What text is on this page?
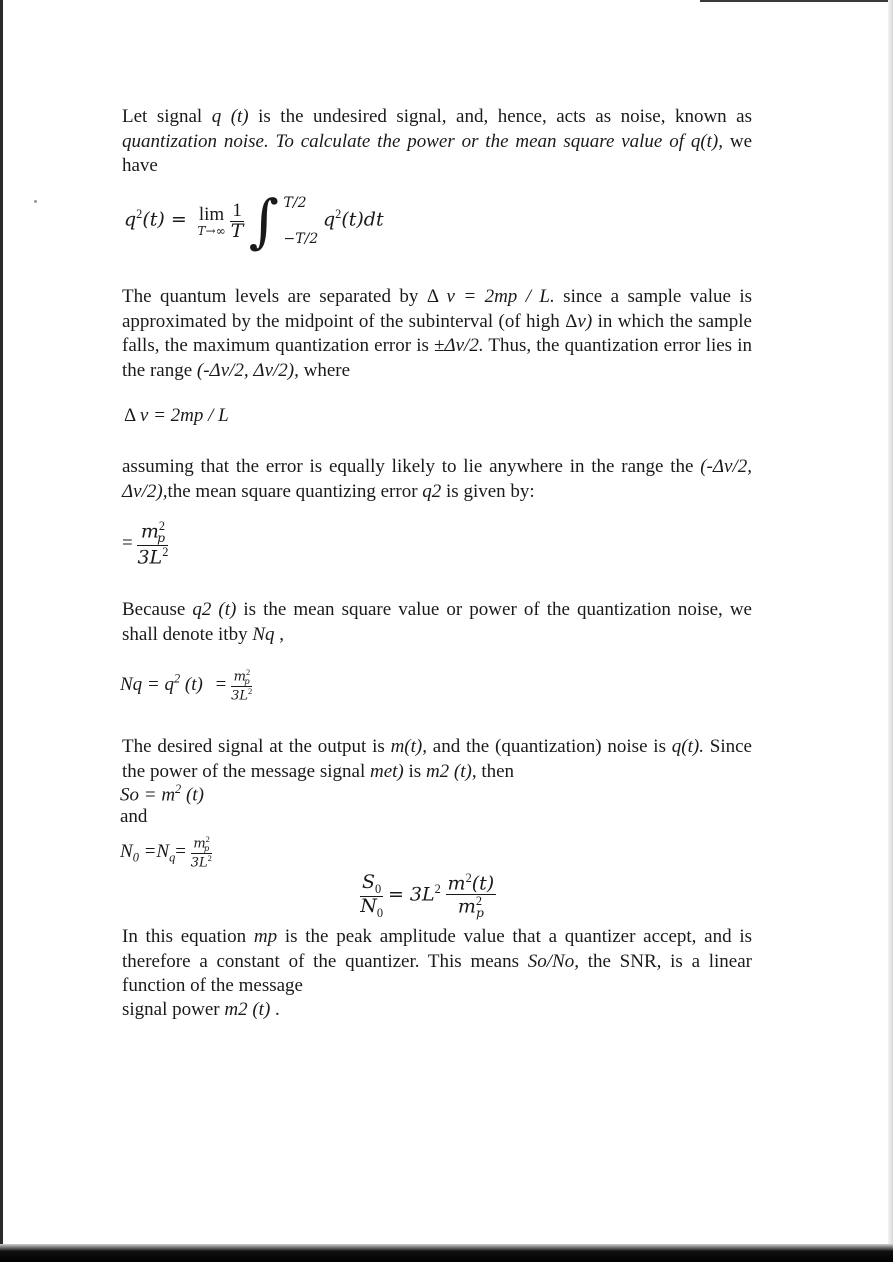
Let signal q (t) is the undesired signal, and, hence, acts as noise, known as quantization noise. To calculate the power or the mean square value of q(t), we have

$q^2(t) = \lim$
T→∞
$\frac{1}{T}$ ∫ T/2
−T/2
$q^2(t)dt$

The quantum levels are separated by Δ v = 2mp / L. since a sample value is approximated by the midpoint of the subinterval (of high Δv) in which the sample falls, the maximum quantization error is ±Δv/2. Thus, the quantization error lies in the range (-Δv/2, Δv/2), where

Δ v = 2mp / L

assuming that the error is equally likely to lie anywhere in the range the (-Δv/2, Δv/2),the mean square quantizing error q2 is given by:

= $\frac{m^2_p}{3L^2}$

Because q2 (t) is the mean square value or power of the quantization noise, we shall denote itby Nq ,

$Nq = q^2$ $(t) = \frac{m^2_p}{3L^2}$

The desired signal at the output is m(t), and the (quantization) noise is q(t). Since the power of the message signal met) is m2 (t), then

$So = m^2$ (t)
and
$N_0 =N_q= \frac{m^2_p}{3L^2}$
$\frac{S_0}{N_0} = 3L^2 \frac{m^2(t)}{m^2_p}$

In this equation mp is the peak amplitude value that a quantizer accept, and is therefore a constant of the quantizer. This means So/No, the SNR, is a linear function of the message

signal power m2 (t) .
